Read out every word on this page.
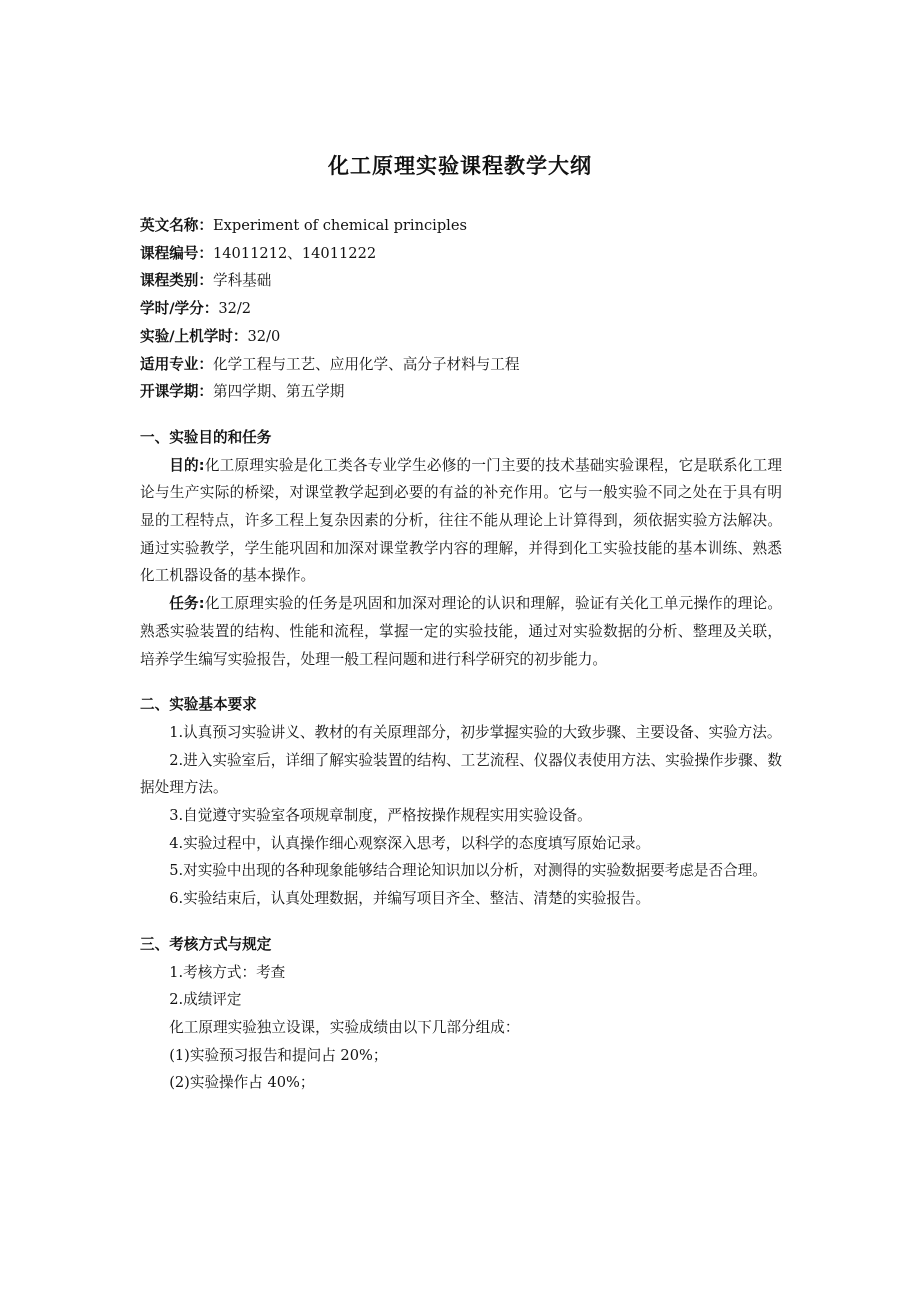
化工原理实验课程教学大纲

英文名称：Experiment of chemical principles

课程编号：14011212、14011222

课程类别：学科基础

学时/学分：32/2

实验/上机学时：32/0

适用专业：化学工程与工艺、应用化学、高分子材料与工程

开课学期：第四学期、第五学期

一、实验目的和任务

目的:化工原理实验是化工类各专业学生必修的一门主要的技术基础实验课程，它是联系化工理论与生产实际的桥梁，对课堂教学起到必要的有益的补充作用。它与一般实验不同之处在于具有明显的工程特点，许多工程上复杂因素的分析，往往不能从理论上计算得到，须依据实验方法解决。通过实验教学，学生能巩固和加深对课堂教学内容的理解，并得到化工实验技能的基本训练、熟悉化工机器设备的基本操作。

任务:化工原理实验的任务是巩固和加深对理论的认识和理解，验证有关化工单元操作的理论。熟悉实验装置的结构、性能和流程，掌握一定的实验技能，通过对实验数据的分析、整理及关联，培养学生编写实验报告，处理一般工程问题和进行科学研究的初步能力。

二、实验基本要求

1.认真预习实验讲义、教材的有关原理部分，初步掌握实验的大致步骤、主要设备、实验方法。

2.进入实验室后，详细了解实验装置的结构、工艺流程、仪器仪表使用方法、实验操作步骤、数据处理方法。

3.自觉遵守实验室各项规章制度，严格按操作规程实用实验设备。

4.实验过程中，认真操作细心观察深入思考，以科学的态度填写原始记录。

5.对实验中出现的各种现象能够结合理论知识加以分析，对测得的实验数据要考虑是否合理。

6.实验结束后，认真处理数据，并编写项目齐全、整洁、清楚的实验报告。

三、考核方式与规定

1.考核方式：考查

2.成绩评定

化工原理实验独立设课，实验成绩由以下几部分组成：

(1)实验预习报告和提问占 20%；

(2)实验操作占 40%；
